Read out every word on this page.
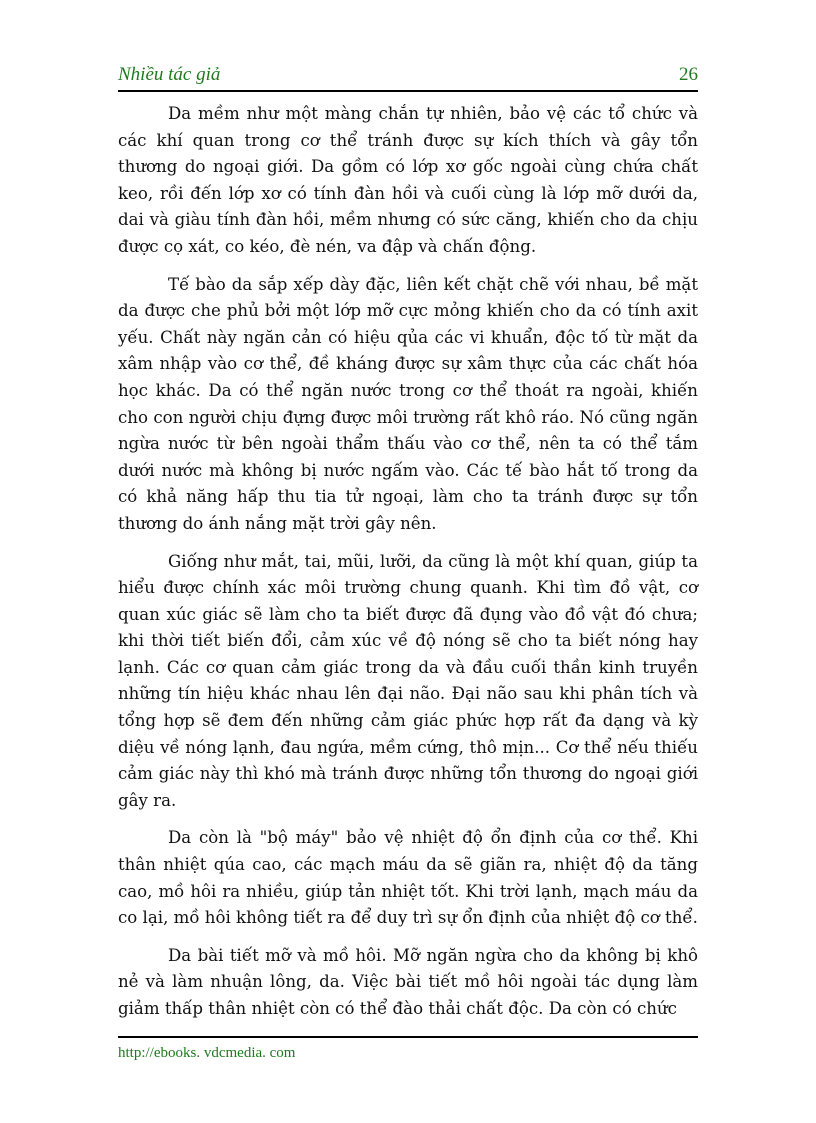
Nhiều tác giả	26

Da mềm như một màng chắn tự nhiên, bảo vệ các tổ chức và các khí quan trong cơ thể tránh được sự kích thích và gây tổn thương do ngoại giới. Da gồm có lớp xơ gốc ngoài cùng chứa chất keo, rồi đến lớp xơ có tính đàn hồi và cuối cùng là lớp mỡ dưới da, dai và giàu tính đàn hồi, mềm nhưng có sức căng, khiến cho da chịu được cọ xát, co kéo, đè nén, va đập và chấn động.

Tế bào da sắp xếp dày đặc, liên kết chặt chẽ với nhau, bề mặt da được che phủ bởi một lớp mỡ cực mỏng khiến cho da có tính axit yếu. Chất này ngăn cản có hiệu qủa các vi khuẩn, độc tố từ mặt da xâm nhập vào cơ thể, đề kháng được sự xâm thực của các chất hóa học khác. Da có thể ngăn nước trong cơ thể thoát ra ngoài, khiến cho con người chịu đựng được môi trường rất khô ráo. Nó cũng ngăn ngừa nước từ bên ngoài thẩm thấu vào cơ thể, nên ta có thể tắm dưới nước mà không bị nước ngấm vào. Các tế bào hắt tố trong da có khả năng hấp thu tia tử ngoại, làm cho ta tránh được sự tổn thương do ánh nắng mặt trời gây nên.

Giống như mắt, tai, mũi, lưỡi, da cũng là một khí quan, giúp ta hiểu được chính xác môi trường chung quanh. Khi tìm đồ vật, cơ quan xúc giác sẽ làm cho ta biết được đã đụng vào đồ vật đó chưa; khi thời tiết biến đổi, cảm xúc về độ nóng sẽ cho ta biết nóng hay lạnh. Các cơ quan cảm giác trong da và đầu cuối thần kinh truyền những tín hiệu khác nhau lên đại não. Đại não sau khi phân tích và tổng hợp sẽ đem đến những cảm giác phức hợp rất đa dạng và kỳ diệu về nóng lạnh, đau ngứa, mềm cứng, thô mịn... Cơ thể nếu thiếu cảm giác này thì khó mà tránh được những tổn thương do ngoại giới gây ra.

Da còn là "bộ máy" bảo vệ nhiệt độ ổn định của cơ thể. Khi thân nhiệt qúa cao, các mạch máu da sẽ giãn ra, nhiệt độ da tăng cao, mồ hôi ra nhiều, giúp tản nhiệt tốt. Khi trời lạnh, mạch máu da co lại, mồ hôi không tiết ra để duy trì sự ổn định của nhiệt độ cơ thể.

Da bài tiết mỡ và mồ hôi. Mỡ ngăn ngừa cho da không bị khô nẻ và làm nhuận lông, da. Việc bài tiết mồ hôi ngoài tác dụng làm giảm thấp thân nhiệt còn có thể đào thải chất độc. Da còn có chức

http://ebooks. vdcmedia. com
